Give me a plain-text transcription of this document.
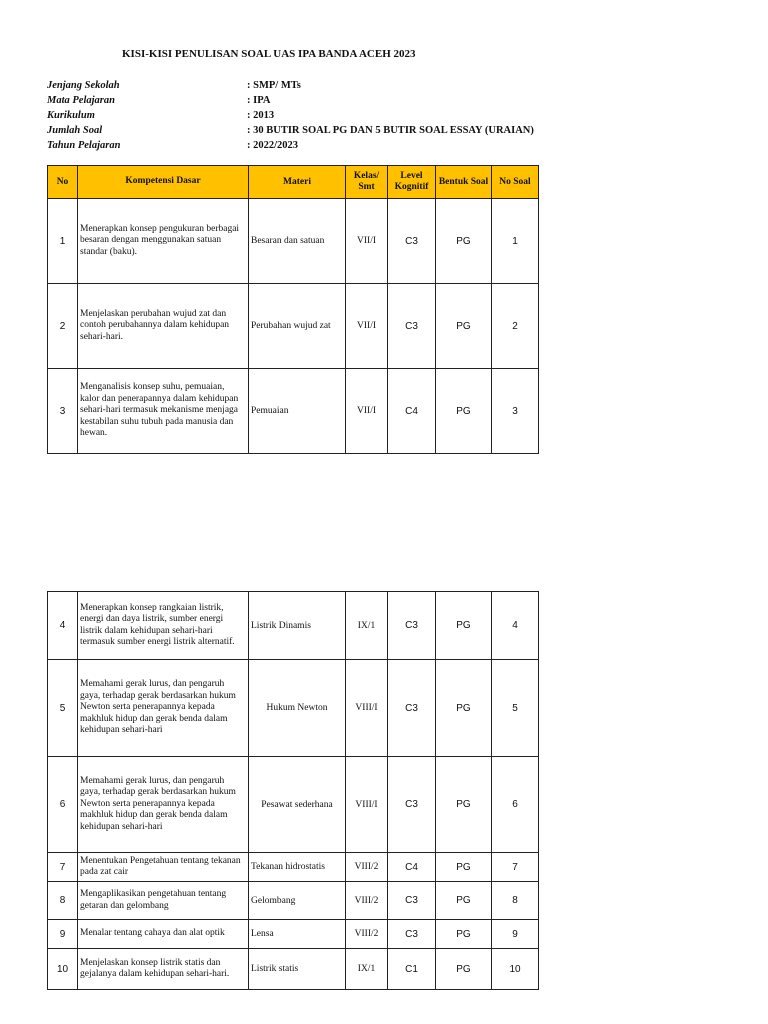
KISI-KISI PENULISAN SOAL UAS IPA BANDA ACEH 2023
Jenjang Sekolah	: SMP/ MTs
Mata Pelajaran	: IPA
Kurikulum	: 2013
Jumlah Soal	: 30 BUTIR SOAL PG DAN 5 BUTIR SOAL ESSAY (URAIAN)
Tahun Pelajaran	: 2022/2023
No	Kompetensi Dasar	Materi	Kelas/ Smt	Level Kognitif	Bentuk Soal	No Soal
1	Menerapkan konsep pengukuran berbagai besaran dengan menggunakan satuan standar (baku).	Besaran dan satuan	VII/I	C3	PG	1
2	Menjelaskan perubahan wujud zat dan contoh perubahannya dalam kehidupan sehari-hari.	Perubahan wujud zat	VII/I	C3	PG	2
3	Menganalisis konsep suhu, pemuaian, kalor dan penerapannya dalam kehidupan sehari-hari termasuk mekanisme menjaga kestabilan suhu tubuh pada manusia dan hewan.	Pemuaian	VII/I	C4	PG	3
4	Menerapkan konsep rangkaian listrik, energi dan daya listrik, sumber energi listrik dalam kehidupan sehari-hari termasuk sumber energi listrik alternatif.	Listrik Dinamis	IX/1	C3	PG	4
5	Memahami gerak lurus, dan pengaruh gaya, terhadap gerak berdasarkan hukum Newton serta penerapannya kepada makhluk hidup dan gerak benda dalam kehidupan sehari-hari	Hukum Newton	VIII/I	C3	PG	5
6	Memahami gerak lurus, dan pengaruh gaya, terhadap gerak berdasarkan hukum Newton serta penerapannya kepada makhluk hidup dan gerak benda dalam kehidupan sehari-hari	Pesawat sederhana	VIII/I	C3	PG	6
7	Menentukan Pengetahuan tentang tekanan pada zat cair	Tekanan hidrostatis	VIII/2	C4	PG	7
8	Mengaplikasikan pengetahuan tentang getaran dan gelombang	Gelombang	VIII/2	C3	PG	8
9	Menalar tentang cahaya dan alat optik	Lensa	VIII/2	C3	PG	9
10	Menjelaskan konsep listrik statis dan gejalanya dalam kehidupan sehari-hari.	Listrik statis	IX/1	C1	PG	10
